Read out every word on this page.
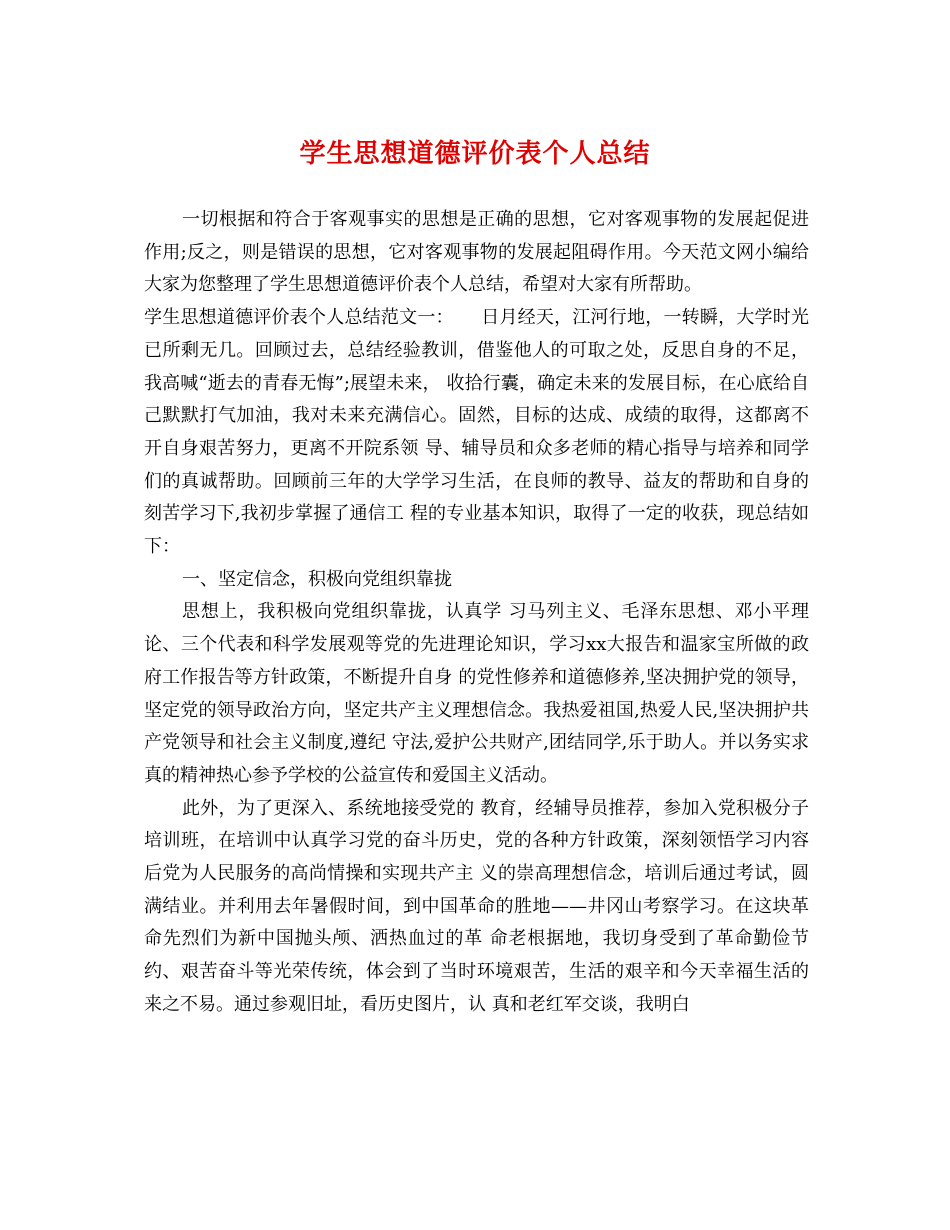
学生思想道德评价表个人总结

一切根据和符合于客观事实的思想是正确的思想，它对客观事物的发展起促进作用;反之，则是错误的思想，它对客观事物的发展起阻碍作用。今天范文网小编给大家为您整理了学生思想道德评价表个人总结，希望对大家有所帮助。

学生思想道德评价表个人总结范文一：　　日月经天，江河行地，一转瞬，大学时光已所剩无几。回顾过去，总结经验教训，借鉴他人的可取之处，反思自身的不足，我高喊“逝去的青春无悔”;展望未来， 收拾行囊，确定未来的发展目标，在心底给自己默默打气加油，我对未来充满信心。固然，目标的达成、成绩的取得，这都离不开自身艰苦努力，更离不开院系领 导、辅导员和众多老师的精心指导与培养和同学们的真诚帮助。回顾前三年的大学学习生活，在良师的教导、益友的帮助和自身的刻苦学习下,我初步掌握了通信工 程的专业基本知识，取得了一定的收获，现总结如下：

一、坚定信念，积极向党组织靠拢

思想上，我积极向党组织靠拢，认真学 习马列主义、毛泽东思想、邓小平理论、三个代表和科学发展观等党的先进理论知识，学习xx大报告和温家宝所做的政府工作报告等方针政策，不断提升自身 的党性修养和道德修养,坚决拥护党的领导，坚定党的领导政治方向，坚定共产主义理想信念。我热爱祖国,热爱人民,坚决拥护共产党领导和社会主义制度,遵纪 守法,爱护公共财产,团结同学,乐于助人。并以务实求真的精神热心参予学校的公益宣传和爱国主义活动。

此外，为了更深入、系统地接受党的 教育，经辅导员推荐，参加入党积极分子培训班，在培训中认真学习党的奋斗历史，党的各种方针政策，深刻领悟学习内容后党为人民服务的高尚情操和实现共产主 义的崇高理想信念，培训后通过考试，圆满结业。并利用去年暑假时间，到中国革命的胜地——井冈山考察学习。在这块革命先烈们为新中国抛头颅、洒热血过的革 命老根据地，我切身受到了革命勤俭节约、艰苦奋斗等光荣传统，体会到了当时环境艰苦，生活的艰辛和今天幸福生活的来之不易。通过参观旧址，看历史图片，认 真和老红军交谈，我明白
